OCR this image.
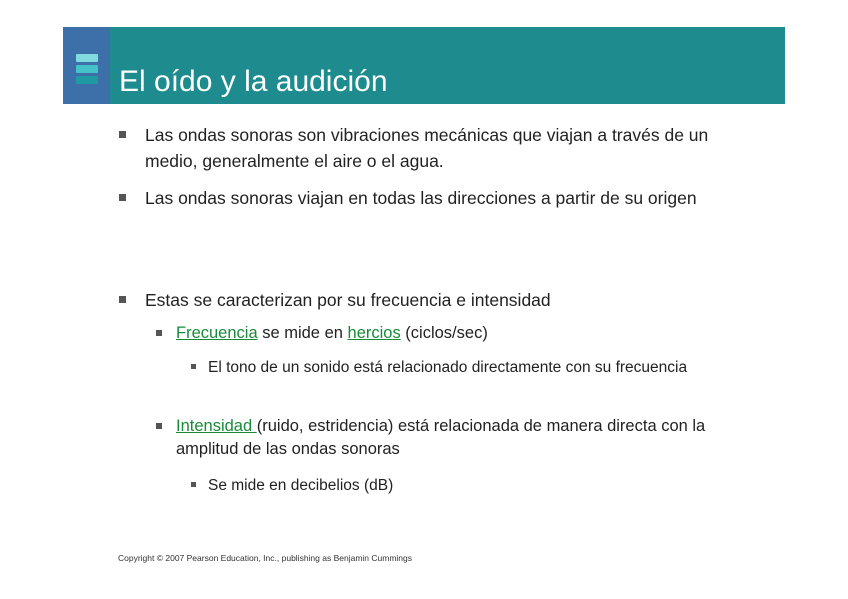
El oído y la audición
Las ondas sonoras son vibraciones mecánicas que viajan a través de un medio, generalmente el aire o el agua.
Las ondas sonoras viajan en todas las direcciones a partir de su origen
Estas se caracterizan por su frecuencia e intensidad
Frecuencia se mide en hercios (ciclos/sec)
El tono de un sonido está relacionado directamente con su frecuencia
Intensidad (ruido, estridencia) está relacionada de manera directa con la amplitud de las ondas sonoras
Se mide en decibelios (dB)
Copyright © 2007 Pearson Education, Inc., publishing as Benjamin Cummings
